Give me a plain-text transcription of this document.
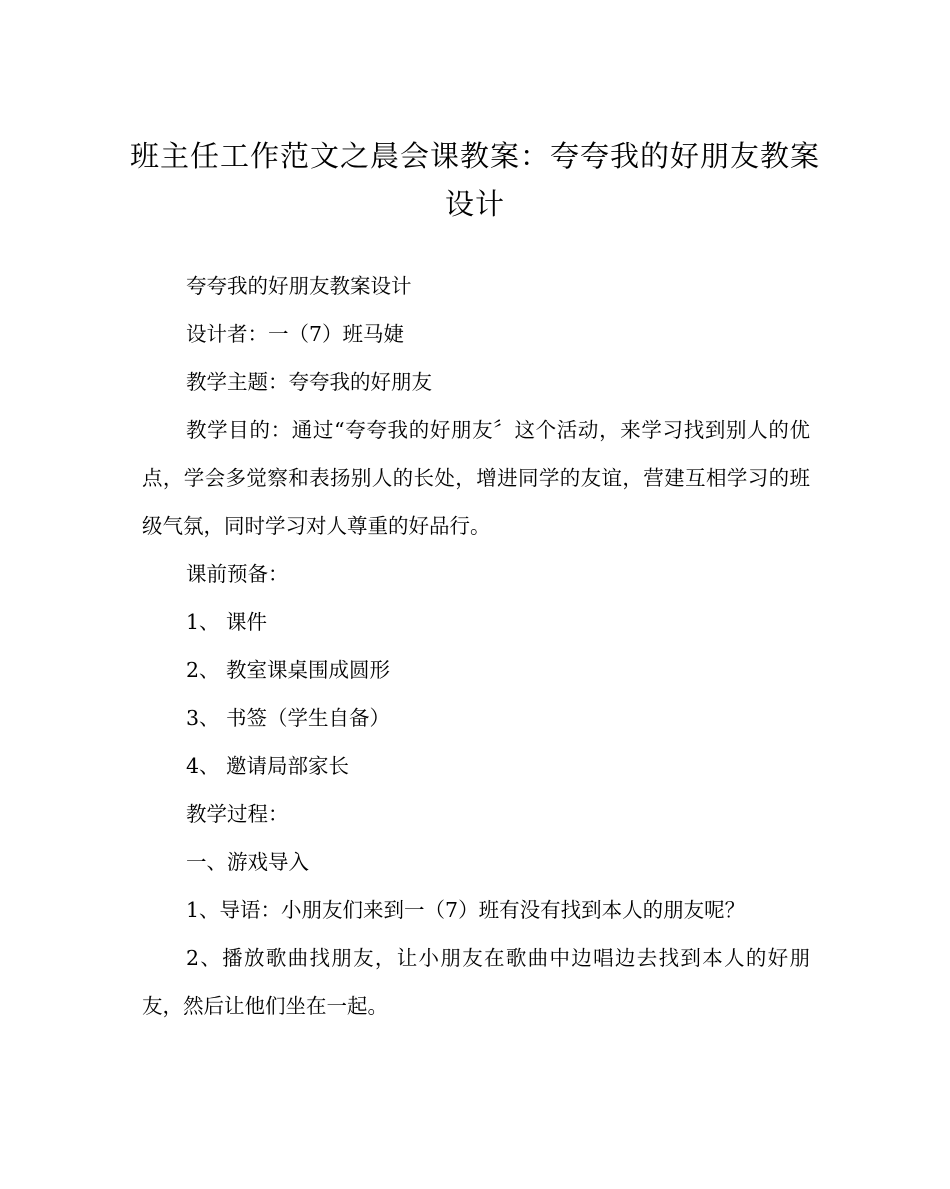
班主任工作范文之晨会课教案：夸夸我的好朋友教案设计

夸夸我的好朋友教案设计

设计者：一（7）班马婕

教学主题：夸夸我的好朋友

教学目的：通过“夸夸我的好朋友〞这个活动，来学习找到别人的优点，学会多觉察和表扬别人的长处，增进同学的友谊，营建互相学习的班级气氛，同时学习对人尊重的好品行。

课前预备：

1、 课件

2、 教室课桌围成圆形

3、 书签（学生自备）

4、 邀请局部家长

教学过程：

一、游戏导入

1、导语：小朋友们来到一（7）班有没有找到本人的朋友呢？

2、播放歌曲找朋友，让小朋友在歌曲中边唱边去找到本人的好朋友，然后让他们坐在一起。
